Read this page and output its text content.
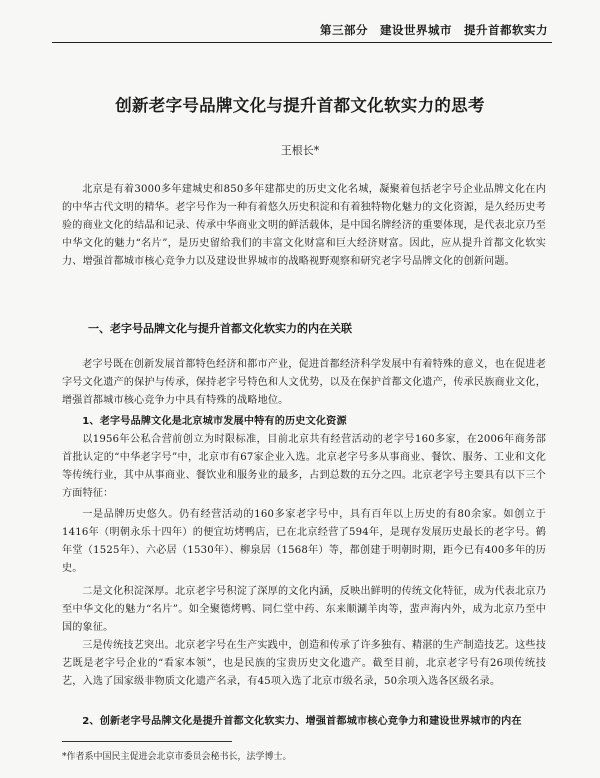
第三部分　建设世界城市　提升首都软实力
创新老字号品牌文化与提升首都文化软实力的思考
王根长*
北京是有着3000多年建城史和850多年建都史的历史文化名城，凝聚着包括老字号企业品牌文化在内的中华古代文明的精华。老字号作为一种有着悠久历史积淀和有着独特物化魅力的文化资源，是久经历史考验的商业文化的结晶和记录、传承中华商业文明的鲜活载体，是中国名牌经济的重要体现，是代表北京乃至中华文化的魅力“名片”，是历史留给我们的丰富文化财富和巨大经济财富。因此，应从提升首都文化软实力、增强首都城市核心竞争力以及建设世界城市的战略视野观察和研究老字号品牌文化的创新问题。
一、老字号品牌文化与提升首都文化软实力的内在关联
老字号既在创新发展首都特色经济和都市产业，促进首都经济科学发展中有着特殊的意义，也在促进老字号文化遗产的保护与传承，保持老字号特色和人文优势，以及在保护首都文化遗产，传承民族商业文化，增强首都城市核心竞争力中具有特殊的战略地位。
1、老字号品牌文化是北京城市发展中特有的历史文化资源
以1956年公私合营前创立为时限标准，目前北京共有经营活动的老字号160多家，在2006年商务部首批认定的“中华老字号”中，北京市有67家企业入选。北京老字号多从事商业、餐饮、服务、工业和文化等传统行业，其中从事商业、餐饮业和服务业的最多，占到总数的五分之四。北京老字号主要具有以下三个方面特征：
一是品牌历史悠久。仍有经营活动的160多家老字号中，具有百年以上历史的有80余家。如创立于1416年（明朝永乐十四年）的便宜坊烤鸭店，已在北京经营了594年，是现存发展历史最长的老字号。鹤年堂（1525年）、六必居（1530年）、柳泉居（1568年）等，都创建于明朝时期，距今已有400多年的历史。
二是文化积淀深厚。北京老字号积淀了深厚的文化内涵，反映出鲜明的传统文化特征，成为代表北京乃至中华文化的魅力“名片”。如全聚德烤鸭、同仁堂中药、东来顺涮羊肉等，蜚声海内外，成为北京乃至中国的象征。
三是传统技艺突出。北京老字号在生产实践中，创造和传承了许多独有、精湛的生产制造技艺。这些技艺既是老字号企业的“看家本领”，也是民族的宝贵历史文化遗产。截至目前，北京老字号有26项传统技艺，入选了国家级非物质文化遗产名录，有45项入选了北京市级名录，50余项入选各区级名录。
2、创新老字号品牌文化是提升首都文化软实力、增强首都城市核心竞争力和建设世界城市的内在
*作者系中国民主促进会北京市委员会秘书长，法学博士。
